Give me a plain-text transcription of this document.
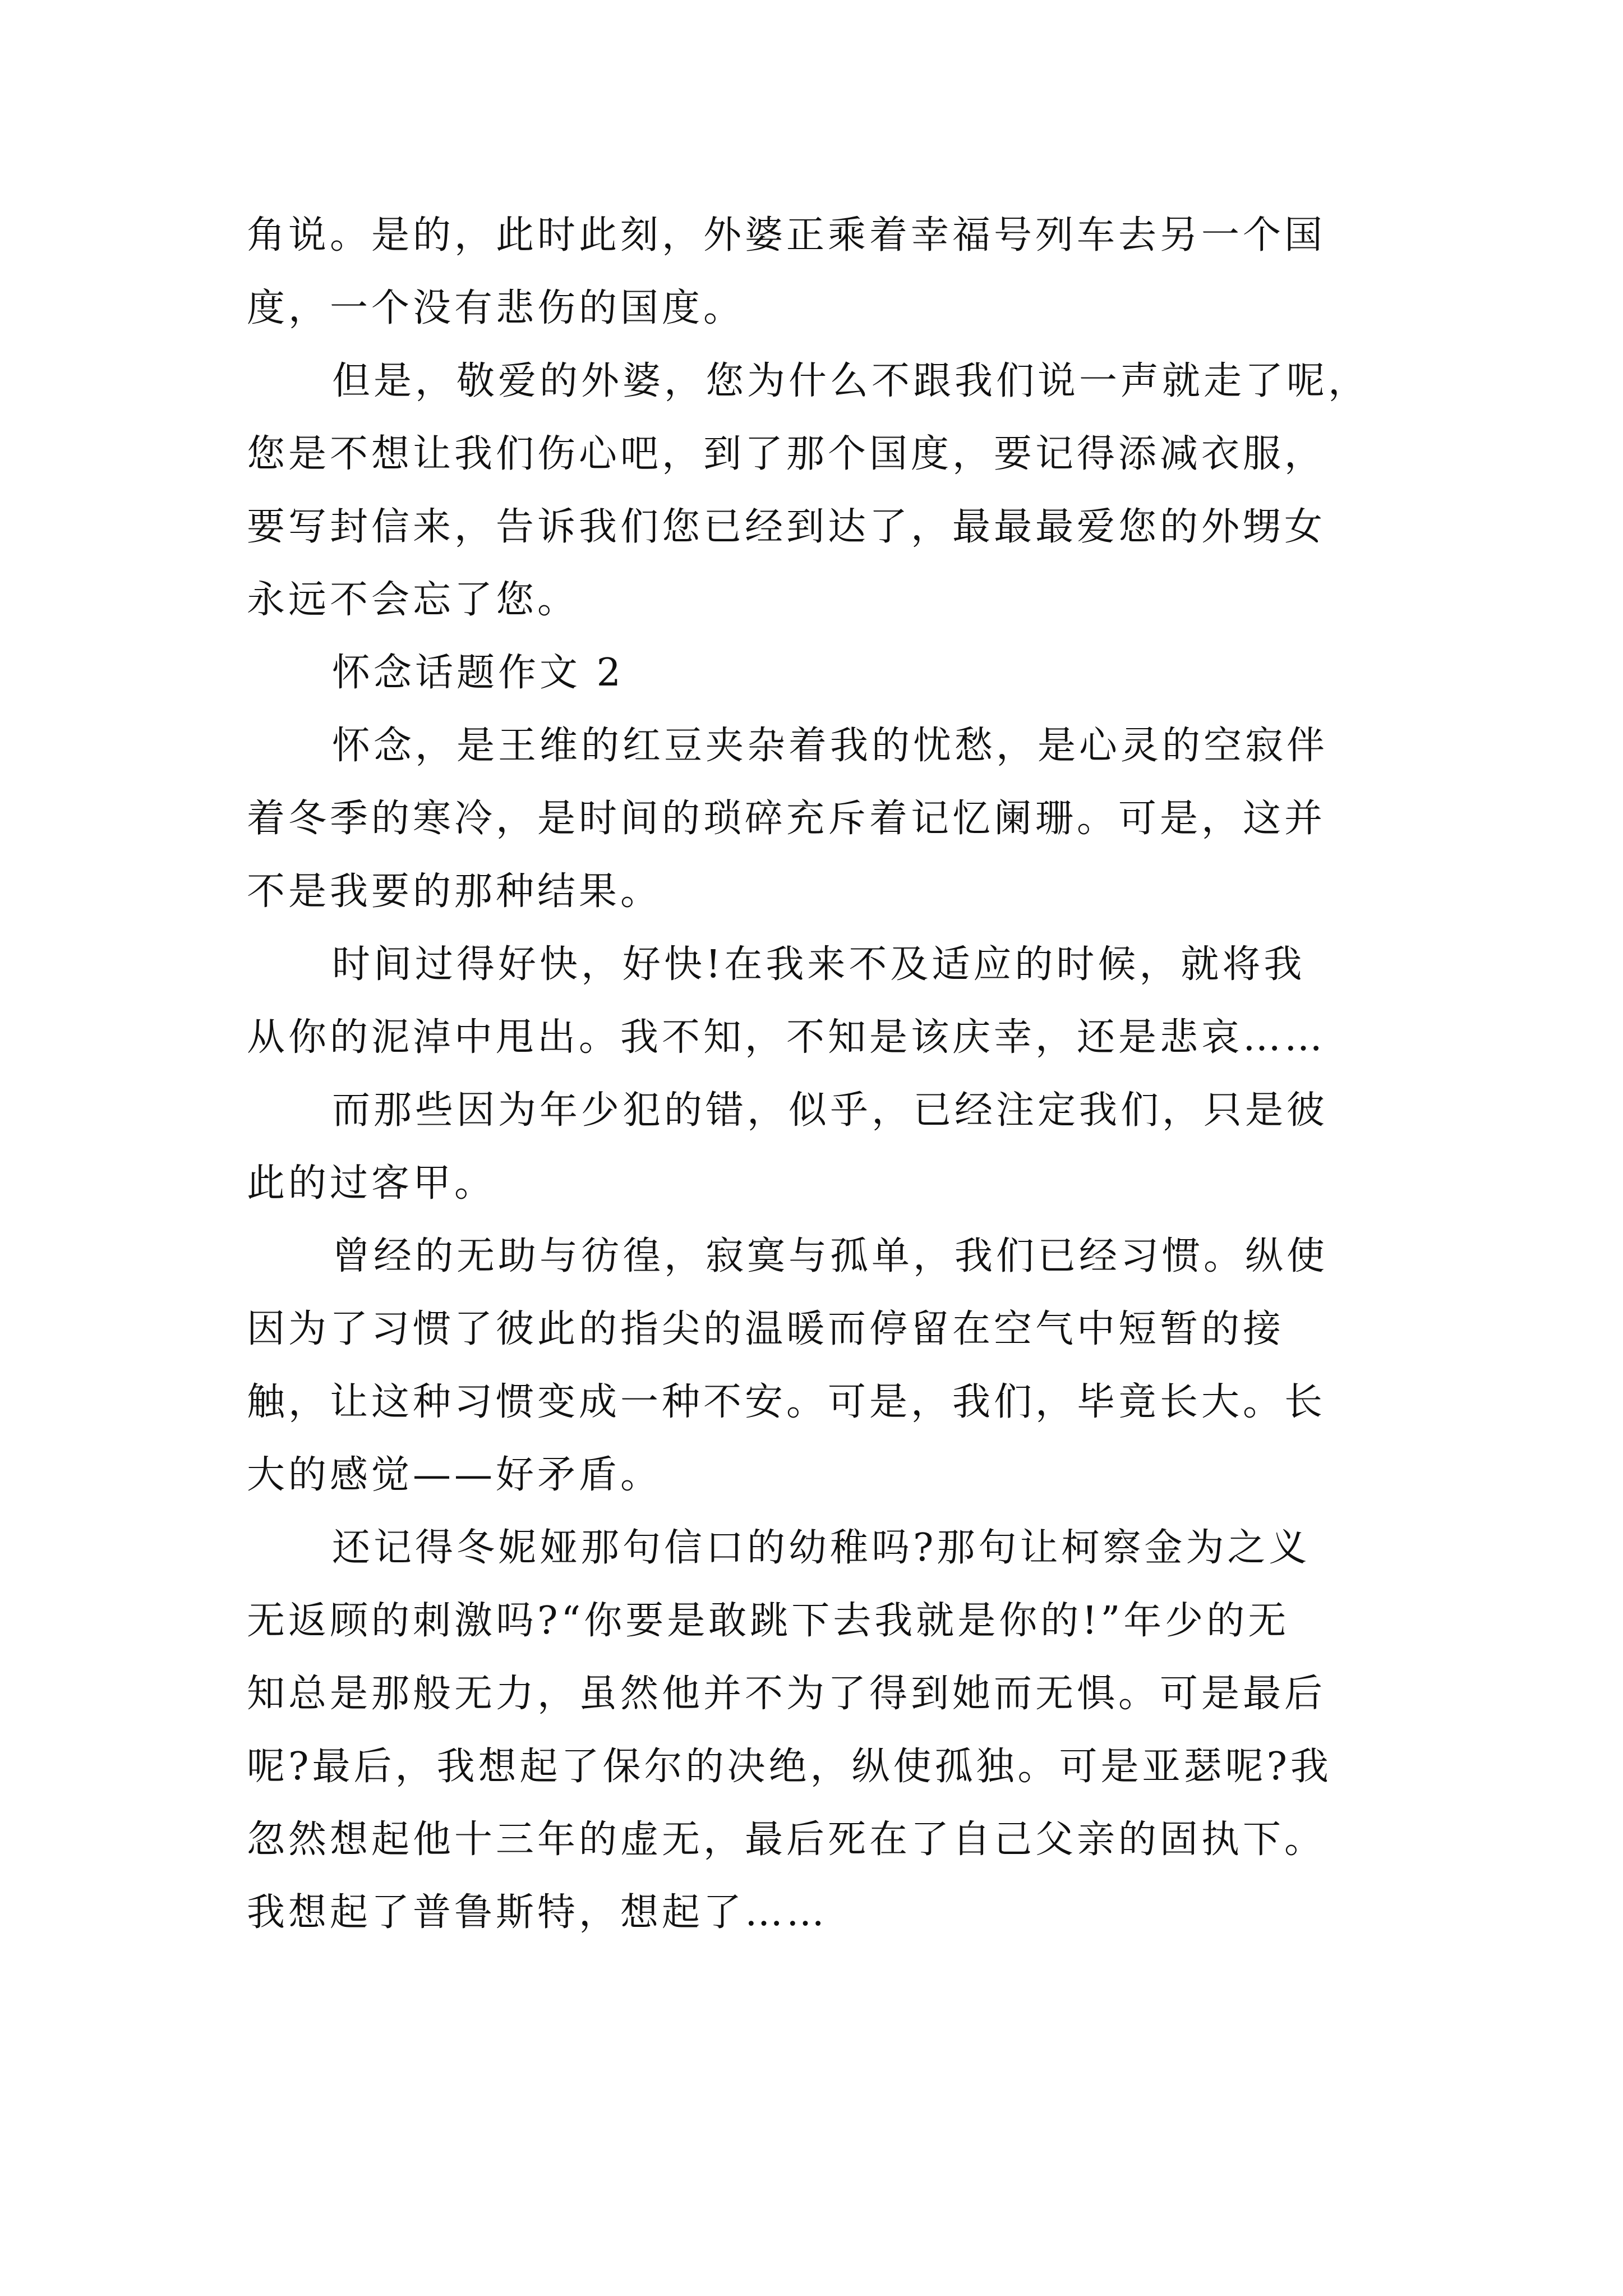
角说。是的，此时此刻，外婆正乘着幸福号列车去另一个国
度，一个没有悲伤的国度。
但是，敬爱的外婆，您为什么不跟我们说一声就走了呢，
您是不想让我们伤心吧，到了那个国度，要记得添减衣服，
要写封信来，告诉我们您已经到达了，最最最爱您的外甥女
永远不会忘了您。
怀念话题作文 2
怀念，是王维的红豆夹杂着我的忧愁，是心灵的空寂伴
着冬季的寒冷，是时间的琐碎充斥着记忆阑珊。可是，这并
不是我要的那种结果。
时间过得好快，好快!在我来不及适应的时候，就将我
从你的泥淖中甩出。我不知，不知是该庆幸，还是悲哀……
而那些因为年少犯的错，似乎，已经注定我们，只是彼
此的过客甲。
曾经的无助与彷徨，寂寞与孤单，我们已经习惯。纵使
因为了习惯了彼此的指尖的温暖而停留在空气中短暂的接
触，让这种习惯变成一种不安。可是，我们，毕竟长大。长
大的感觉——好矛盾。
还记得冬妮娅那句信口的幼稚吗?那句让柯察金为之义
无返顾的刺激吗?“你要是敢跳下去我就是你的!”年少的无
知总是那般无力，虽然他并不为了得到她而无惧。可是最后
呢?最后，我想起了保尔的决绝，纵使孤独。可是亚瑟呢?我
忽然想起他十三年的虚无，最后死在了自己父亲的固执下。
我想起了普鲁斯特，想起了……
